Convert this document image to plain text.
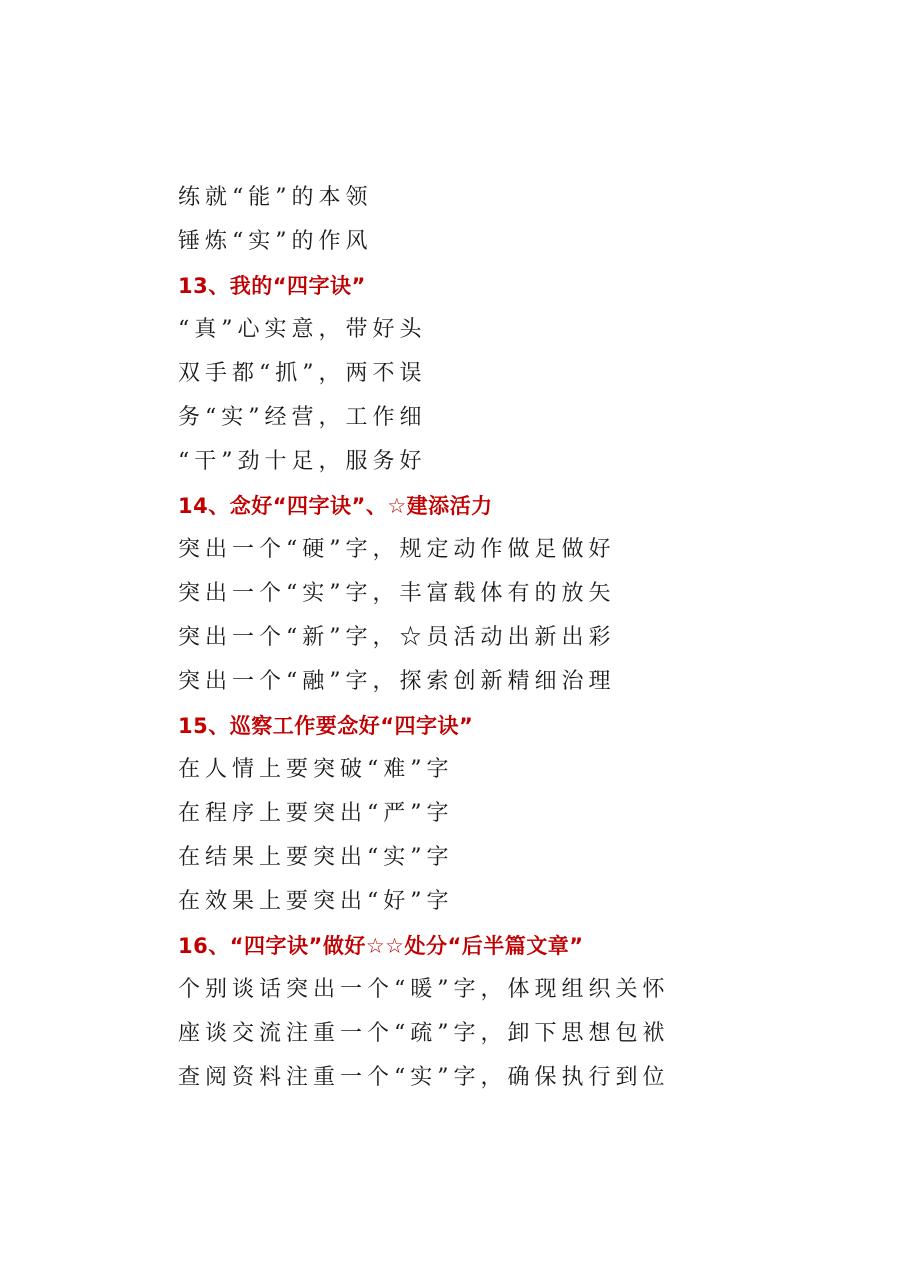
练就“能”的本领
锤炼“实”的作风
13、我的“四字诀”
“真”心实意，带好头
双手都“抓”，两不误
务“实”经营，工作细
“干”劲十足，服务好
14、念好“四字诀”、☆建添活力
突出一个“硬”字，规定动作做足做好
突出一个“实”字，丰富载体有的放矢
突出一个“新”字，☆员活动出新出彩
突出一个“融”字，探索创新精细治理
15、巡察工作要念好“四字诀”
在人情上要突破“难”字
在程序上要突出“严”字
在结果上要突出“实”字
在效果上要突出“好”字
16、“四字诀”做好☆☆处分“后半篇文章”
个别谈话突出一个“暖”字，体现组织关怀
座谈交流注重一个“疏”字，卸下思想包袱
查阅资料注重一个“实”字，确保执行到位
